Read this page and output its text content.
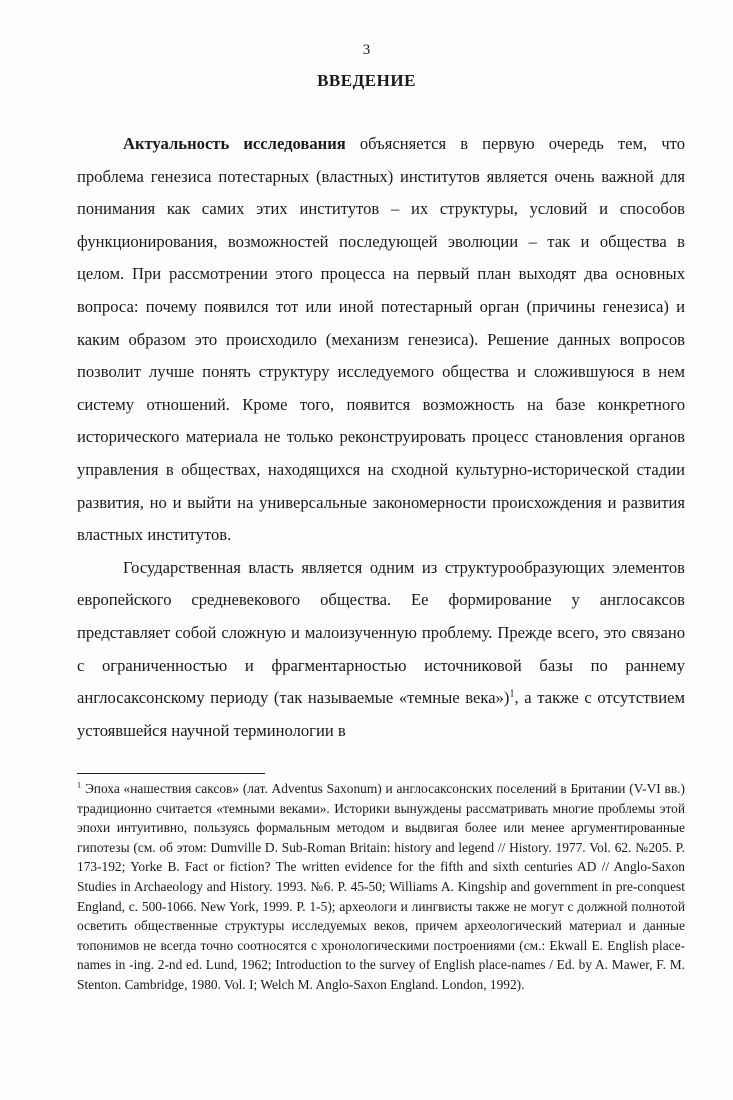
3
ВВЕДЕНИЕ

Актуальность исследования объясняется в первую очередь тем, что проблема генезиса потестарных (властных) институтов является очень важной для понимания как самих этих институтов – их структуры, условий и способов функционирования, возможностей последующей эволюции – так и общества в целом. При рассмотрении этого процесса на первый план выходят два основных вопроса: почему появился тот или иной потестарный орган (причины генезиса) и каким образом это происходило (механизм генезиса). Решение данных вопросов позволит лучше понять структуру исследуемого общества и сложившуюся в нем систему отношений. Кроме того, появится возможность на базе конкретного исторического материала не только реконструировать процесс становления органов управления в обществах, находящихся на сходной культурно-исторической стадии развития, но и выйти на универсальные закономерности происхождения и развития властных институтов.

Государственная власть является одним из структурообразующих элементов европейского средневекового общества. Ее формирование у англосаксов представляет собой сложную и малоизученную проблему. Прежде всего, это связано с ограниченностью и фрагментарностью источниковой базы по раннему англосаксонскому периоду (так называемые «темные века»)$^1$, а также с отсутствием устоявшейся научной терминологии в

$^1$ Эпоха «нашествия саксов» (лат. Adventus Saxonum) и англосаксонских поселений в Британии (V-VI вв.) традиционно считается «темными веками». Историки вынуждены рассматривать многие проблемы этой эпохи интуитивно, пользуясь формальным методом и выдвигая более или менее аргументированные гипотезы (см. об этом: Dumville D. Sub-Roman Britain: history and legend // History. 1977. Vol. 62. №205. P. 173-192; Yorke B. Fact or fiction? The written evidence for the fifth and sixth centuries AD // Anglo-Saxon Studies in Archaeology and History. 1993. №6. P. 45-50; Williams A. Kingship and government in pre-conquest England, c. 500-1066. New York, 1999. P. 1-5); археологи и лингвисты также не могут с должной полнотой осветить общественные структуры исследуемых веков, причем археологический материал и данные топонимов не всегда точно соотносятся с хронологическими построениями (см.: Ekwall E. English place-names in -ing. 2-nd ed. Lund, 1962; Introduction to the survey of English place-names / Ed. by A. Mawer, F. M. Stenton. Cambridge, 1980. Vol. I; Welch M. Anglo-Saxon England. London, 1992).
